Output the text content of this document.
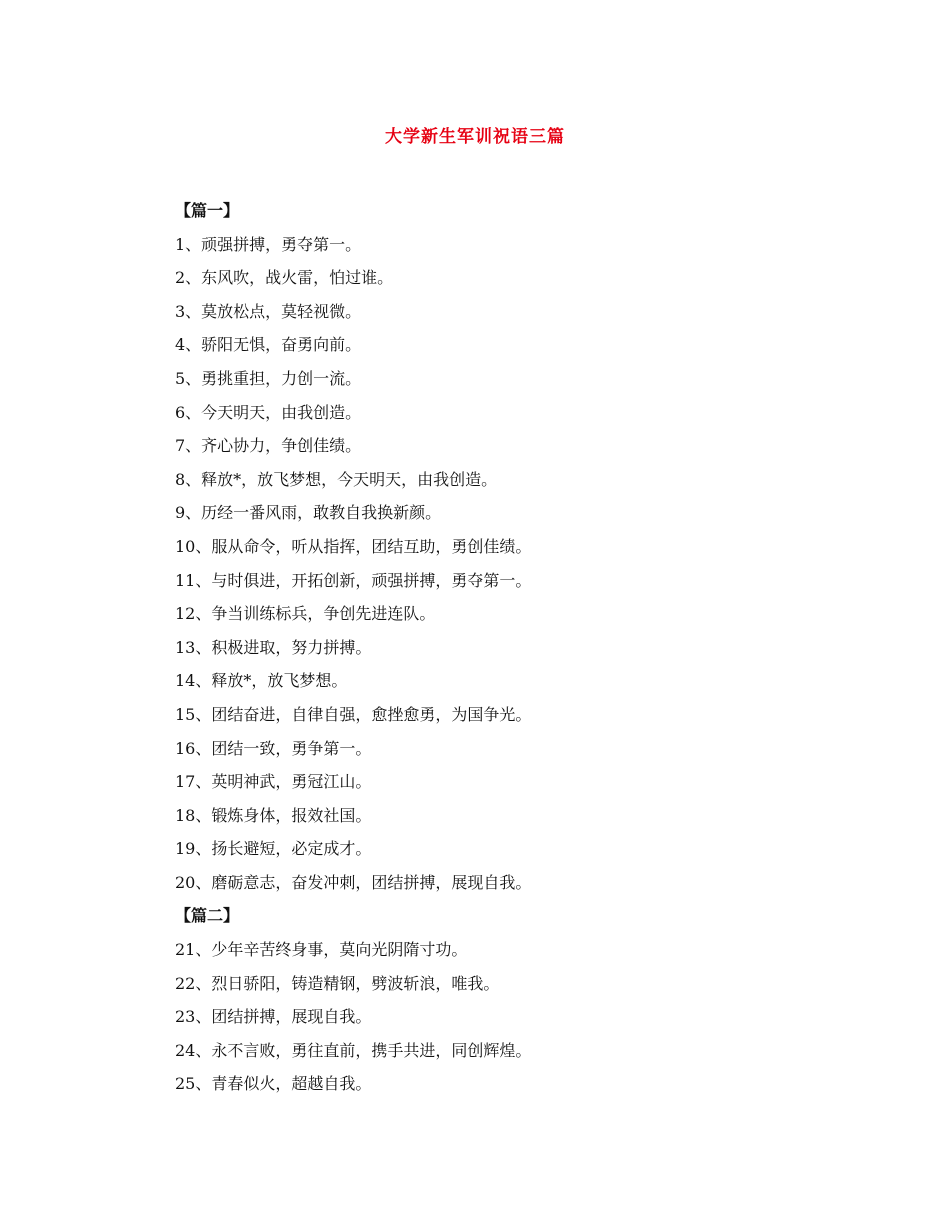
大学新生军训祝语三篇
【篇一】
1、顽强拼搏，勇夺第一。
2、东风吹，战火雷，怕过谁。
3、莫放松点，莫轻视微。
4、骄阳无惧，奋勇向前。
5、勇挑重担，力创一流。
6、今天明天，由我创造。
7、齐心协力，争创佳绩。
8、释放*，放飞梦想，今天明天，由我创造。
9、历经一番风雨，敢教自我换新颜。
10、服从命令，听从指挥，团结互助，勇创佳绩。
11、与时俱进，开拓创新，顽强拼搏，勇夺第一。
12、争当训练标兵，争创先进连队。
13、积极进取，努力拼搏。
14、释放*，放飞梦想。
15、团结奋进，自律自强，愈挫愈勇，为国争光。
16、团结一致，勇争第一。
17、英明神武，勇冠江山。
18、锻炼身体，报效社国。
19、扬长避短，必定成才。
20、磨砺意志，奋发冲刺，团结拼搏，展现自我。
【篇二】
21、少年辛苦终身事，莫向光阴隋寸功。
22、烈日骄阳，铸造精钢，劈波斩浪，唯我。
23、团结拼搏，展现自我。
24、永不言败，勇往直前，携手共进，同创辉煌。
25、青春似火，超越自我。
